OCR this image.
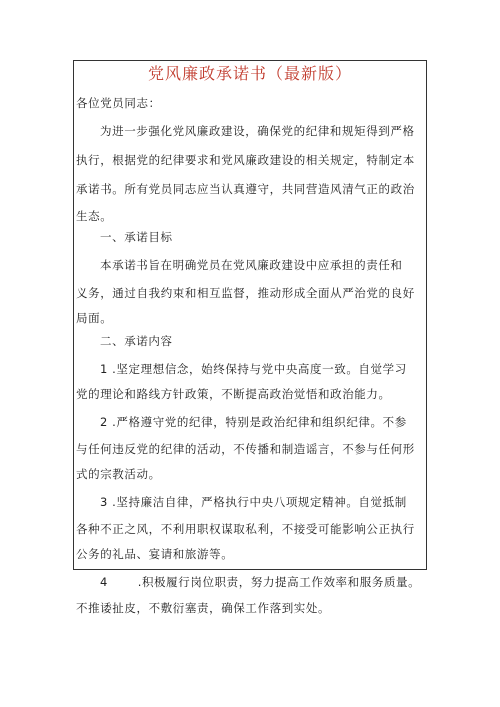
党风廉政承诺书（最新版）
各位党员同志：
为进一步强化党风廉政建设，确保党的纪律和规矩得到严格
执行，根据党的纪律要求和党风廉政建设的相关规定，特制定本
承诺书。所有党员同志应当认真遵守，共同营造风清气正的政治
生态。
一、承诺目标
本承诺书旨在明确党员在党风廉政建设中应承担的责任和
义务，通过自我约束和相互监督，推动形成全面从严治党的良好
局面。
二、承诺内容
1 .坚定理想信念，始终保持与党中央高度一致。自觉学习
党的理论和路线方针政策，不断提高政治觉悟和政治能力。
2 .严格遵守党的纪律，特别是政治纪律和组织纪律。不参
与任何违反党的纪律的活动，不传播和制造谣言，不参与任何形
式的宗教活动。
3 .坚持廉洁自律，严格执行中央八项规定精神。自觉抵制
各种不正之风，不利用职权谋取私利，不接受可能影响公正执行
公务的礼品、宴请和旅游等。
4       .积极履行岗位职责，努力提高工作效率和服务质量。
不推诿扯皮，不敷衍塞责，确保工作落到实处。
